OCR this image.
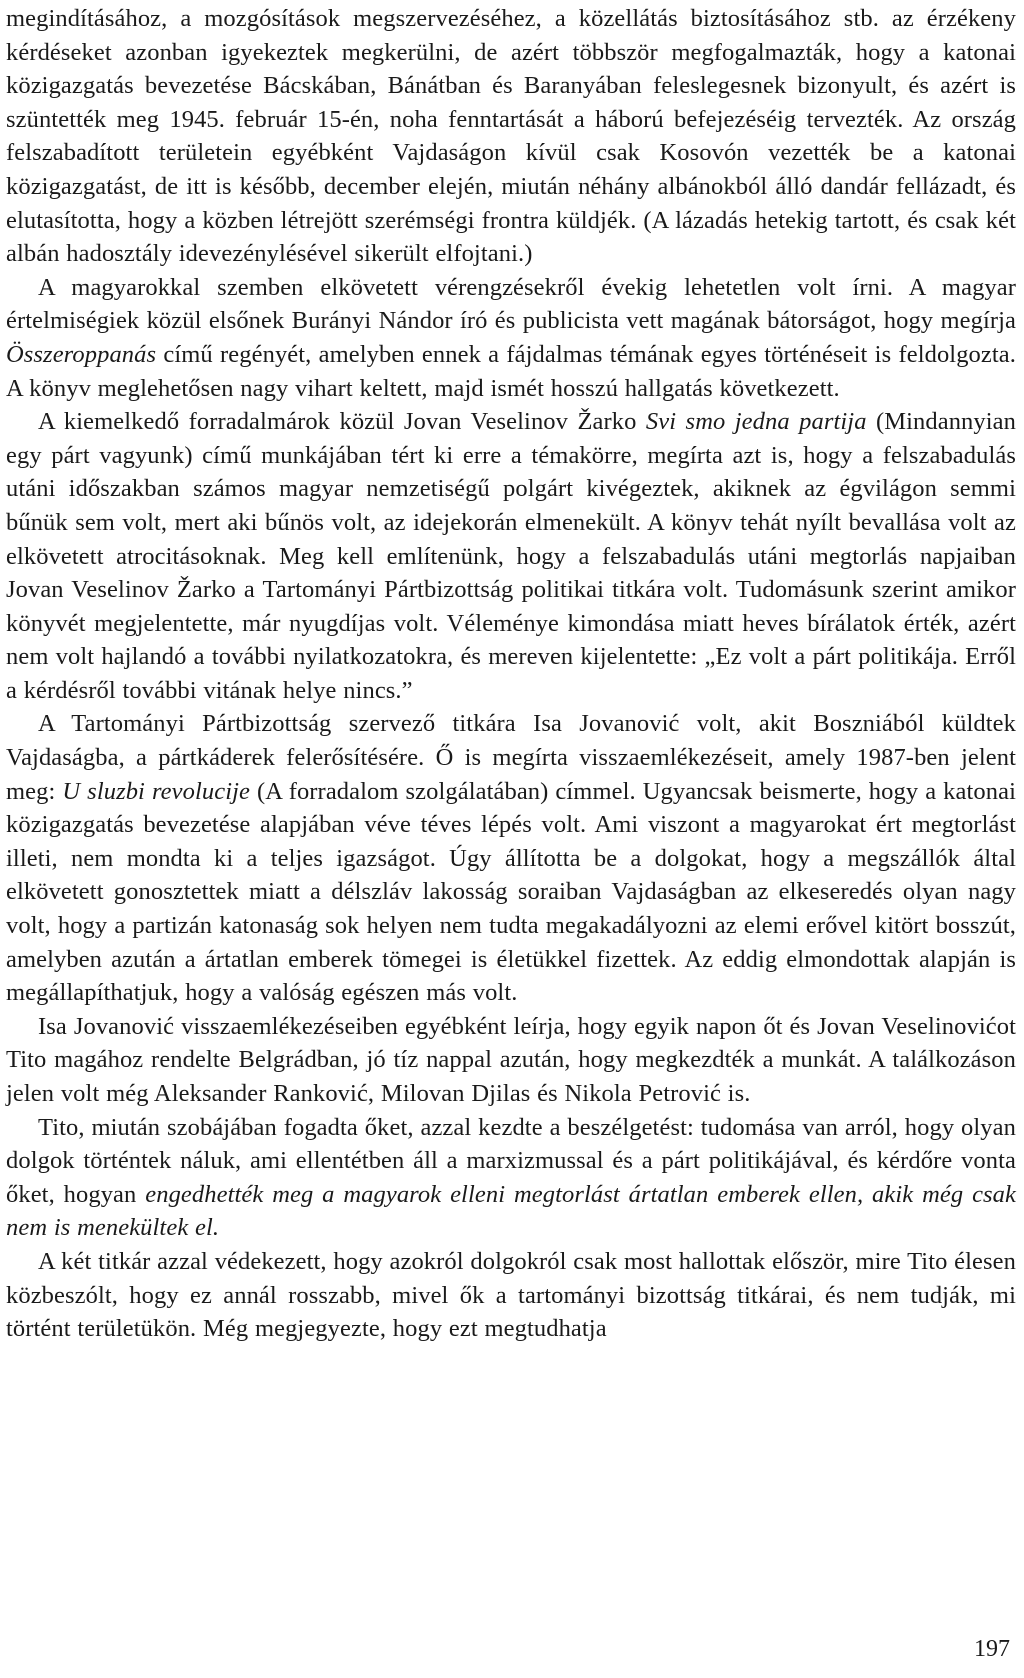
megindításához, a mozgósítások megszervezéséhez, a közellátás biztosításához stb. az érzékeny kérdéseket azonban igyekeztek megkerülni, de azért többször megfogalmazták, hogy a katonai közigazgatás bevezetése Bácskában, Bánátban és Baranyában feleslegesnek bizonyult, és azért is szüntették meg 1945. február 15-én, noha fenntartását a háború befejezéséig tervezték. Az ország felszabadított területein egyébként Vajdaságon kívül csak Kosovón vezették be a katonai közigazgatást, de itt is később, december elején, miután néhány albánokból álló dandár fellázadt, és elutasította, hogy a közben létrejött szerémségi frontra küldjék. (A lázadás hetekig tartott, és csak két albán hadosztály idevezénylésével sikerült elfojtani.)

A magyarokkal szemben elkövetett vérengzésekről évekig lehetetlen volt írni. A magyar értelmiségiek közül elsőnek Burányi Nándor író és publicista vett magának bátorságot, hogy megírja Összeroppanás című regényét, amelyben ennek a fájdalmas témának egyes történéseit is feldolgozta. A könyv meglehetősen nagy vihart keltett, majd ismét hosszú hallgatás következett.

A kiemelkedő forradalmárok közül Jovan Veselinov Žarko Svi smo jedna partija (Mindannyian egy párt vagyunk) című munkájában tért ki erre a témakörre, megírta azt is, hogy a felszabadulás utáni időszakban számos magyar nemzetiségű polgárt kivégeztek, akiknek az égvilágon semmi bűnük sem volt, mert aki bűnös volt, az idejekorán elmenekült. A könyv tehát nyílt bevallása volt az elkövetett atrocitásoknak. Meg kell említenünk, hogy a felszabadulás utáni megtorlás napjaiban Jovan Veselinov Žarko a Tartományi Pártbizottság politikai titkára volt. Tudomásunk szerint amikor könyvét megjelentette, már nyugdíjas volt. Véleménye kimondása miatt heves bírálatok érték, azért nem volt hajlandó a további nyilatkozatokra, és mereven kijelentette: „Ez volt a párt politikája. Erről a kérdésről további vitának helye nincs.”

A Tartományi Pártbizottság szervező titkára Isa Jovanović volt, akit Boszniából küldtek Vajdaságba, a pártkáderek felerősítésére. Ő is megírta visszaemlékezéseit, amely 1987-ben jelent meg: U sluzbi revolucije (A forradalom szolgálatában) címmel. Ugyancsak beismerte, hogy a katonai közigazgatás bevezetése alapjában véve téves lépés volt. Ami viszont a magyarokat ért megtorlást illeti, nem mondta ki a teljes igazságot. Úgy állította be a dolgokat, hogy a megszállók által elkövetett gonosztettek miatt a délszláv lakosság soraiban Vajdaságban az elkeseredés olyan nagy volt, hogy a partizán katonaság sok helyen nem tudta megakadályozni az elemi erővel kitört bosszút, amelyben azután a ártatlan emberek tömegei is életükkel fizettek. Az eddig elmondottak alapján is megállapíthatjuk, hogy a valóság egészen más volt.

Isa Jovanović visszaemlékezéseiben egyébként leírja, hogy egyik napon őt és Jovan Veselinovićot Tito magához rendelte Belgrádban, jó tíz nappal azután, hogy megkezdték a munkát. A találkozáson jelen volt még Aleksander Ranković, Milovan Djilas és Nikola Petrović is.

Tito, miután szobájában fogadta őket, azzal kezdte a beszélgetést: tudomása van arról, hogy olyan dolgok történtek náluk, ami ellentétben áll a marxizmussal és a párt politikájával, és kérdőre vonta őket, hogyan engedhették meg a magyarok elleni megtorlást ártatlan emberek ellen, akik még csak nem is menekültek el.

A két titkár azzal védekezett, hogy azokról dolgokról csak most hallottak először, mire Tito élesen közbeszólt, hogy ez annál rosszabb, mivel ők a tartományi bizottság titkárai, és nem tudják, mi történt területükön. Még megjegyezte, hogy ezt megtudhatja

197
